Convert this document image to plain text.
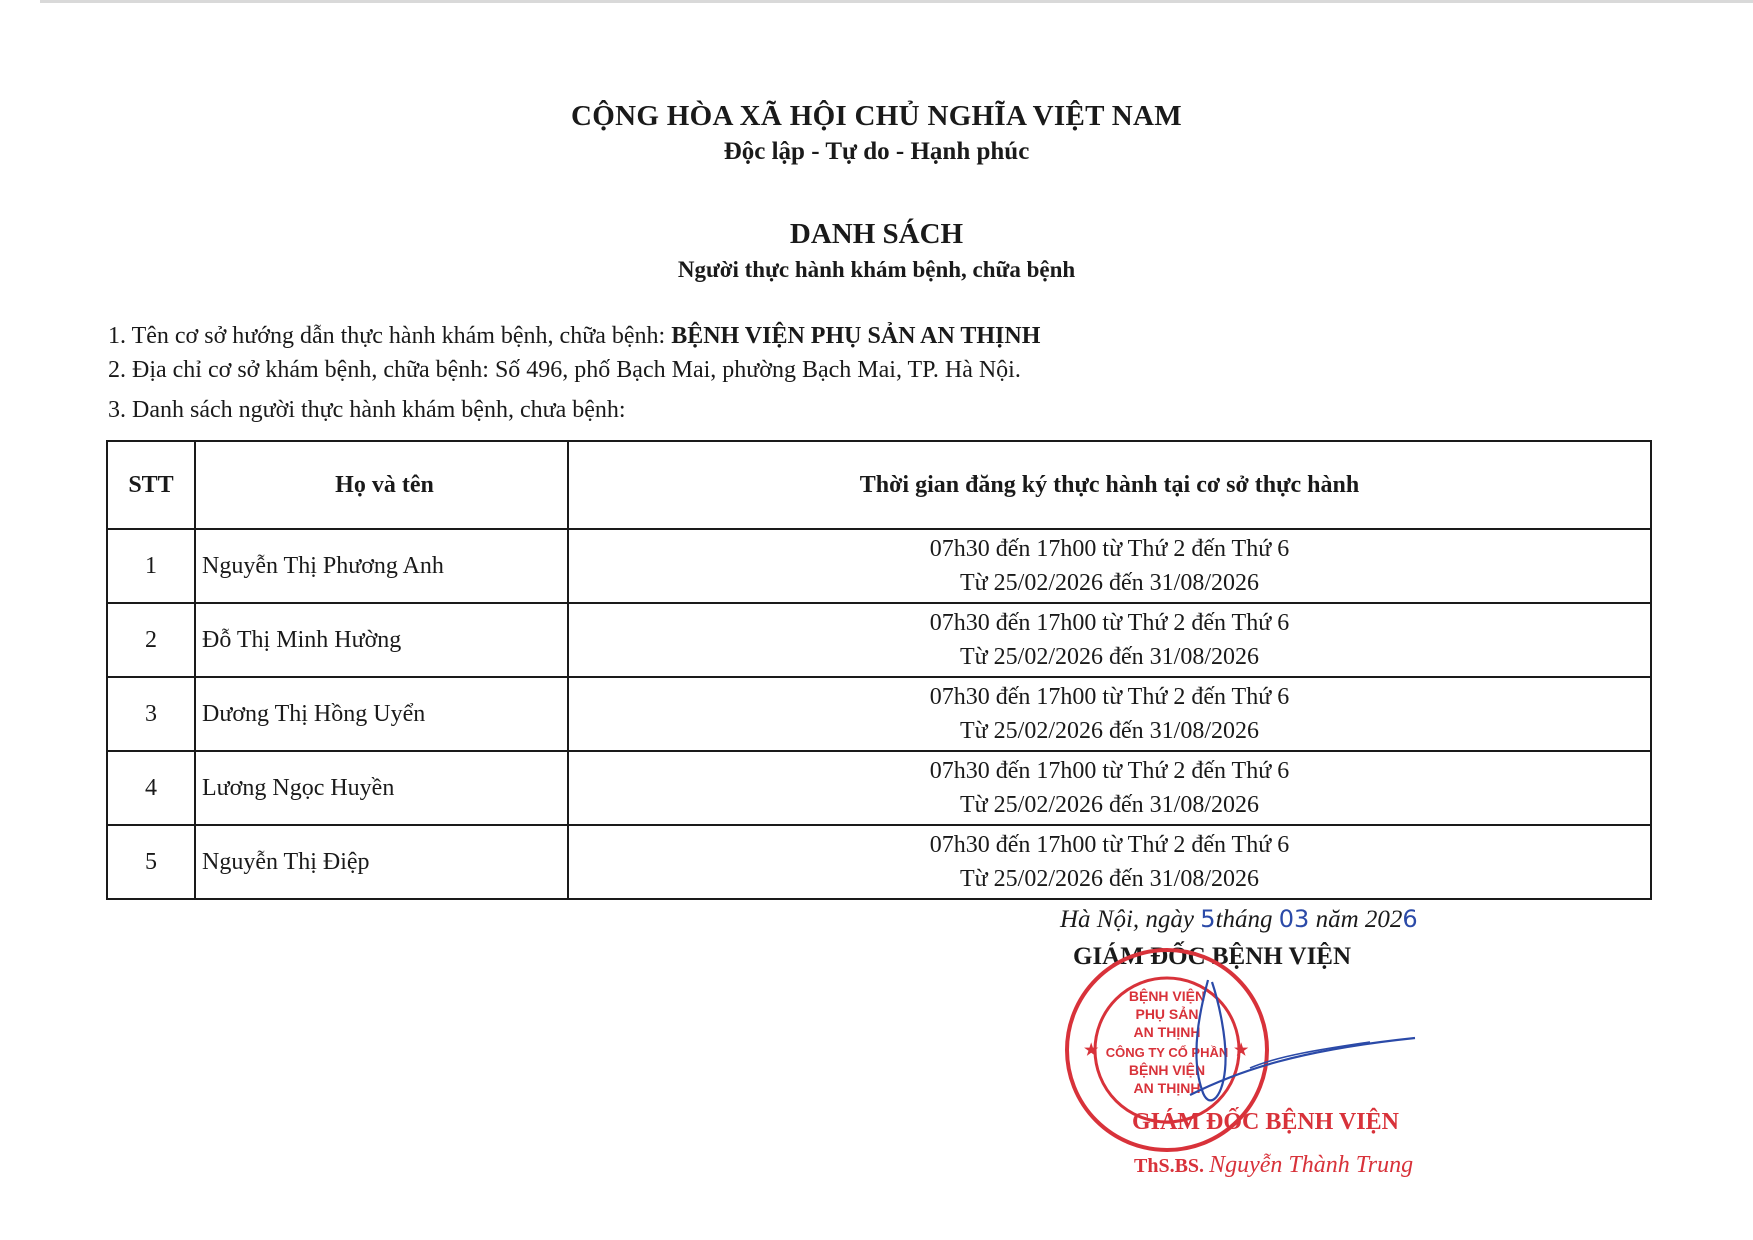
CỘNG HÒA XÃ HỘI CHỦ NGHĨA VIỆT NAM
Độc lập - Tự do - Hạnh phúc
DANH SÁCH
Người thực hành khám bệnh, chữa bệnh
1. Tên cơ sở hướng dẫn thực hành khám bệnh, chữa bệnh: BỆNH VIỆN PHỤ SẢN AN THỊNH
2. Địa chỉ cơ sở khám bệnh, chữa bệnh: Số 496, phố Bạch Mai, phường Bạch Mai, TP. Hà Nội.
3. Danh sách người thực hành khám bệnh, chưa bệnh:
STT	Họ và tên	Thời gian đăng ký thực hành tại cơ sở thực hành
1	Nguyễn Thị Phương Anh	07h30 đến 17h00 từ Thứ 2 đến Thứ 6
Từ 25/02/2026 đến 31/08/2026

2	Đỗ Thị Minh Hường	07h30 đến 17h00 từ Thứ 2 đến Thứ 6
Từ 25/02/2026 đến 31/08/2026

3	Dương Thị Hồng Uyển	07h30 đến 17h00 từ Thứ 2 đến Thứ 6
Từ 25/02/2026 đến 31/08/2026

4	Lương Ngọc Huyền	07h30 đến 17h00 từ Thứ 2 đến Thứ 6
Từ 25/02/2026 đến 31/08/2026

5	Nguyễn Thị Điệp	07h30 đến 17h00 từ Thứ 2 đến Thứ 6
Từ 25/02/2026 đến 31/08/2026
Hà Nội, ngày 5tháng 03 năm 2026
GIÁM ĐỐC BỆNH VIỆN
BỆNH VIỆN
PHỤ SẢN
AN THỊNH
CÔNG TY CỔ PHẦN
BỆNH VIỆN
AN THỊNH
★	★
GIÁM ĐỐC BỆNH VIỆN
ThS.BS. Nguyễn Thành Trung
